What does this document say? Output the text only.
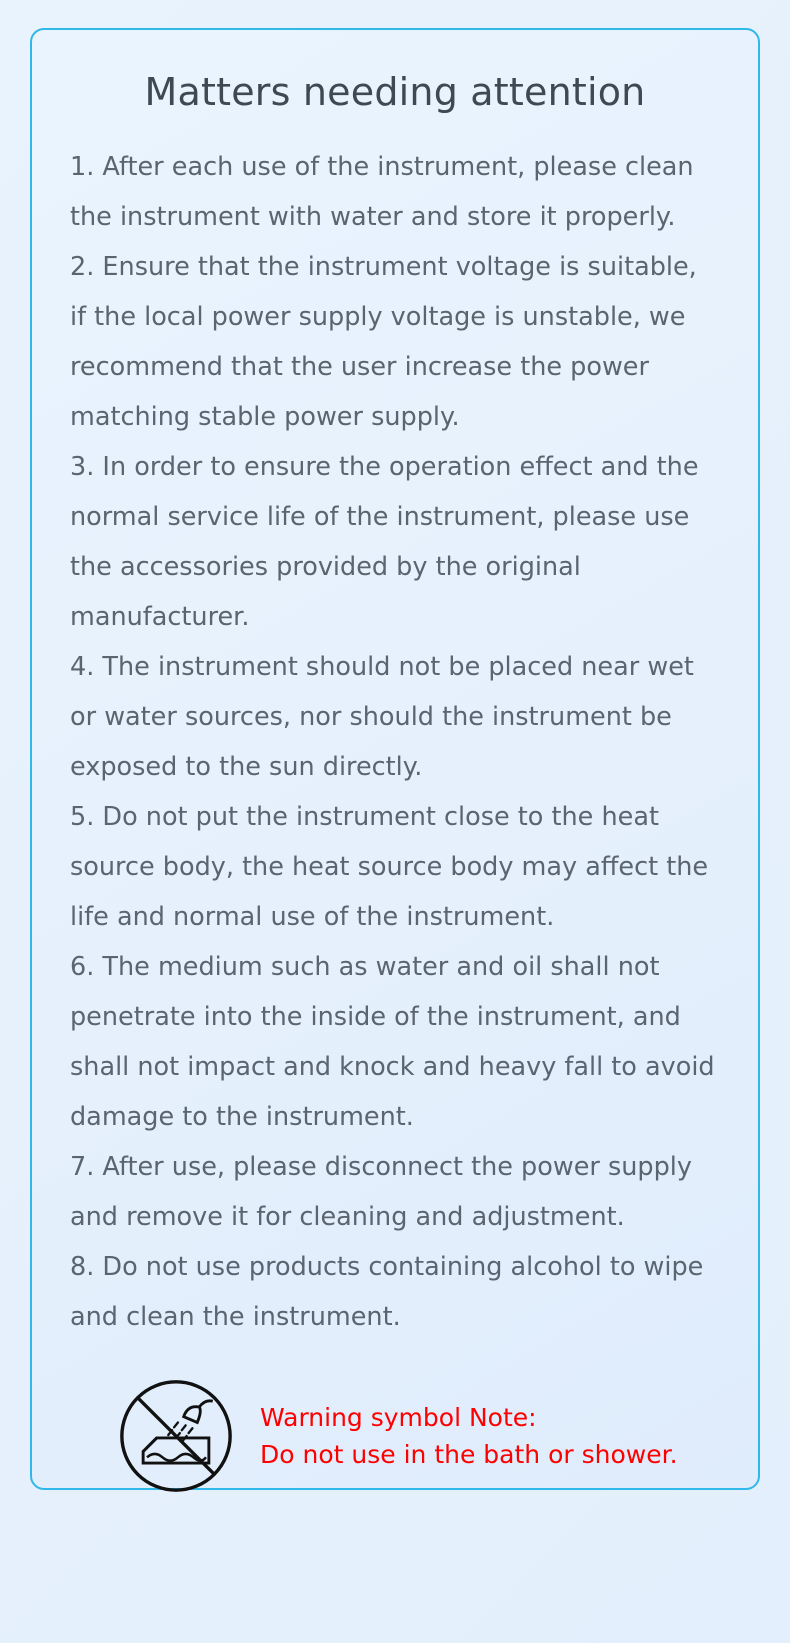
Matters needing attention

1. After each use of the instrument, please clean the instrument with water and store it properly.

2. Ensure that the instrument voltage is suitable, if the local power supply voltage is unstable, we recommend that the user increase the power matching stable power supply.

3. In order to ensure the operation effect and the normal service life of the instrument, please use the accessories provided by the original manufacturer.

4. The instrument should not be placed near wet or water sources, nor should the instrument be exposed to the sun directly.

5. Do not put the instrument close to the heat source body, the heat source body may affect the life and normal use of the instrument.

6. The medium such as water and oil shall not penetrate into the inside of the instrument, and shall not impact and knock and heavy fall to avoid damage to the instrument.

7. After use, please disconnect the power supply and remove it for cleaning and adjustment.

8. Do not use products containing alcohol to wipe and clean the instrument.

Warning symbol Note:
Do not use in the bath or shower.
